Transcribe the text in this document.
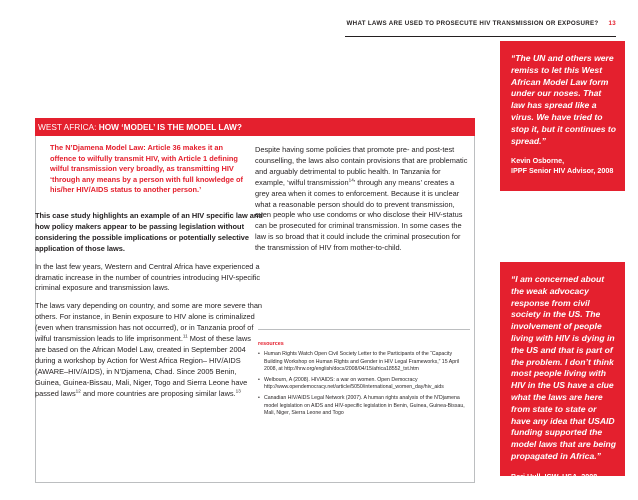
WHAT LAWS ARE USED TO PROSECUTE HIV TRANSMISSION OR EXPOSURE? 13
“The UN and others were remiss to let this West African Model Law form under our noses. That law has spread like a virus. We have tried to stop it, but it continues to spread.”
Kevin Osborne,
IPPF Senior HIV Advisor, 2008
WEST AFRICA: HOW ‘MODEL’ IS THE MODEL LAW?
The N’Djamena Model Law: Article 36 makes it an offence to wilfully transmit HIV, with Article 1 defining wilful transmission very broadly, as transmitting HIV ‘through any means by a person with full knowledge of his/her HIV/AIDS status to another person.’

This case study highlights an example of an HIV specific law and how policy makers appear to be passing legislation without considering the possible implications or potentially selective application of those laws.

In the last few years, Western and Central Africa have experienced a dramatic increase in the number of countries introducing HIV-specific criminal exposure and transmission laws.

The laws vary depending on country, and some are more severe than others. For instance, in Benin exposure to HIV alone is criminalized (even when transmission has not occurred), or in Tanzania proof of wilful transmission leads to life imprisonment.$^{11}$ Most of these laws are based on the African Model Law, created in September 2004 during a workshop by Action for West Africa Region– HIV/AIDS (AWARE–HIV/AIDS), in N’Djamena, Chad. Since 2005 Benin, Guinea, Guinea-Bissau, Mali, Niger, Togo and Sierra Leone have passed laws$^{12}$ and more countries are proposing similar laws.$^{13}$

Despite having some policies that promote pre- and post-test counselling, the laws also contain provisions that are problematic and arguably detrimental to public health. In Tanzania for example, ‘wilful transmission$^{14}$’ through any means’ creates a grey area when it comes to enforcement. Because it is unclear what a reasonable person should do to prevent transmission, even people who use condoms or who disclose their HIV-status can be prosecuted for criminal transmission. In some cases the law is so broad that it could include the criminal prosecution for the transmission of HIV from mother-to-child.

resources
• Human Rights Watch Open Civil Society Letter to the Participants of the “Capacity Building Workshop on Human Rights and Gender in HIV Legal Frameworks,” 15 April 2008, at http://hrw.org/english/docs/2008/04/15/africa18552_txt.htm
• Welbourn, A (2008). HIV/AIDS: a war on women. Open Democracy http://www.opendemocracy.net/article/5050/international_women_day/hiv_aids
• Canadian HIV/AIDS Legal Network (2007). A human rights analysis of the N’Djamena model legislation on AIDS and HIV-specific legislation in Benin, Guinea, Guinea-Bissau, Mali, Niger, Sierra Leone and Togo
“I am concerned about the weak advocacy response from civil society in the US. The involvement of people living with HIV is dying in the US and that is part of the problem. I don’t think most people living with HIV in the US have a clue what the laws are here from state to state or have any idea that USAID funding supported the model laws that are being propagated in Africa.”
Beri Hull, ICW, USA, 2008
